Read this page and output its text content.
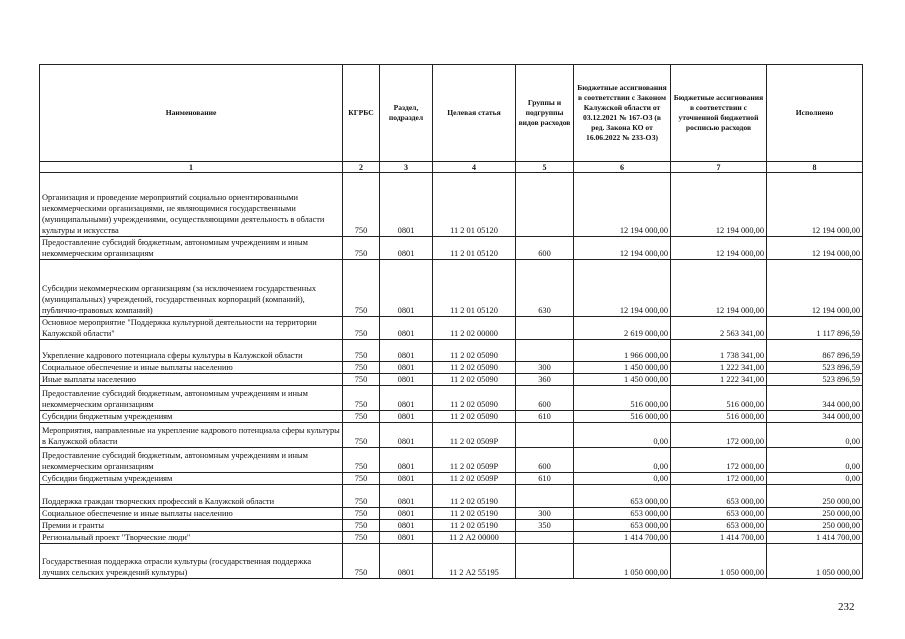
Наименование	КГРБС	Раздел, подраздел	Целевая статья	Группы и подгруппы видов расходов	Бюджетные ассигнования в соответствии с Законом Калужской области от 03.12.2021 № 167-ОЗ (в ред. Закона КО от 16.06.2022 № 233-ОЗ)	Бюджетные ассигнования в соответствии с уточненной бюджетной росписью расходов	Исполнено
1	2	3	4	5	6	7	8
Организация и проведение мероприятий социально ориентированными некоммерческими организациями, не являющимися государственными (муниципальными) учреждениями, осуществляющими деятельность в области культуры и искусства	750	0801	11 2 01 05120		12 194 000,00	12 194 000,00	12 194 000,00
Предоставление субсидий бюджетным, автономным учреждениям и иным некоммерческим организациям	750	0801	11 2 01 05120	600	12 194 000,00	12 194 000,00	12 194 000,00
Субсидии некоммерческим организациям (за исключением государственных (муниципальных) учреждений, государственных корпораций (компаний), публично-правовых компаний)	750	0801	11 2 01 05120	630	12 194 000,00	12 194 000,00	12 194 000,00
Основное мероприятие "Поддержка культурной деятельности на территории Калужской области"	750	0801	11 2 02 00000		2 619 000,00	2 563 341,00	1 117 896,59
Укрепление кадрового потенциала сферы культуры в Калужской области	750	0801	11 2 02 05090		1 966 000,00	1 738 341,00	867 896,59
Социальное обеспечение и иные выплаты населению	750	0801	11 2 02 05090	300	1 450 000,00	1 222 341,00	523 896,59
Иные выплаты населению	750	0801	11 2 02 05090	360	1 450 000,00	1 222 341,00	523 896,59
Предоставление субсидий бюджетным, автономным учреждениям и иным некоммерческим организациям	750	0801	11 2 02 05090	600	516 000,00	516 000,00	344 000,00
Субсидии бюджетным учреждениям	750	0801	11 2 02 05090	610	516 000,00	516 000,00	344 000,00
Мероприятия, направленные на укрепление кадрового потенциала сферы культуры в Калужской области	750	0801	11 2 02 0509Р		0,00	172 000,00	0,00
Предоставление субсидий бюджетным, автономным учреждениям и иным некоммерческим организациям	750	0801	11 2 02 0509Р	600	0,00	172 000,00	0,00
Субсидии бюджетным учреждениям	750	0801	11 2 02 0509Р	610	0,00	172 000,00	0,00
Поддержка граждан творческих профессий в Калужской области	750	0801	11 2 02 05190		653 000,00	653 000,00	250 000,00
Социальное обеспечение и иные выплаты населению	750	0801	11 2 02 05190	300	653 000,00	653 000,00	250 000,00
Премии и гранты	750	0801	11 2 02 05190	350	653 000,00	653 000,00	250 000,00
Региональный проект "Творческие люди"	750	0801	11 2 А2 00000		1 414 700,00	1 414 700,00	1 414 700,00
Государственная поддержка отрасли культуры (государственная поддержка лучших сельских учреждений культуры)	750	0801	11 2 А2 55195		1 050 000,00	1 050 000,00	1 050 000,00
232
